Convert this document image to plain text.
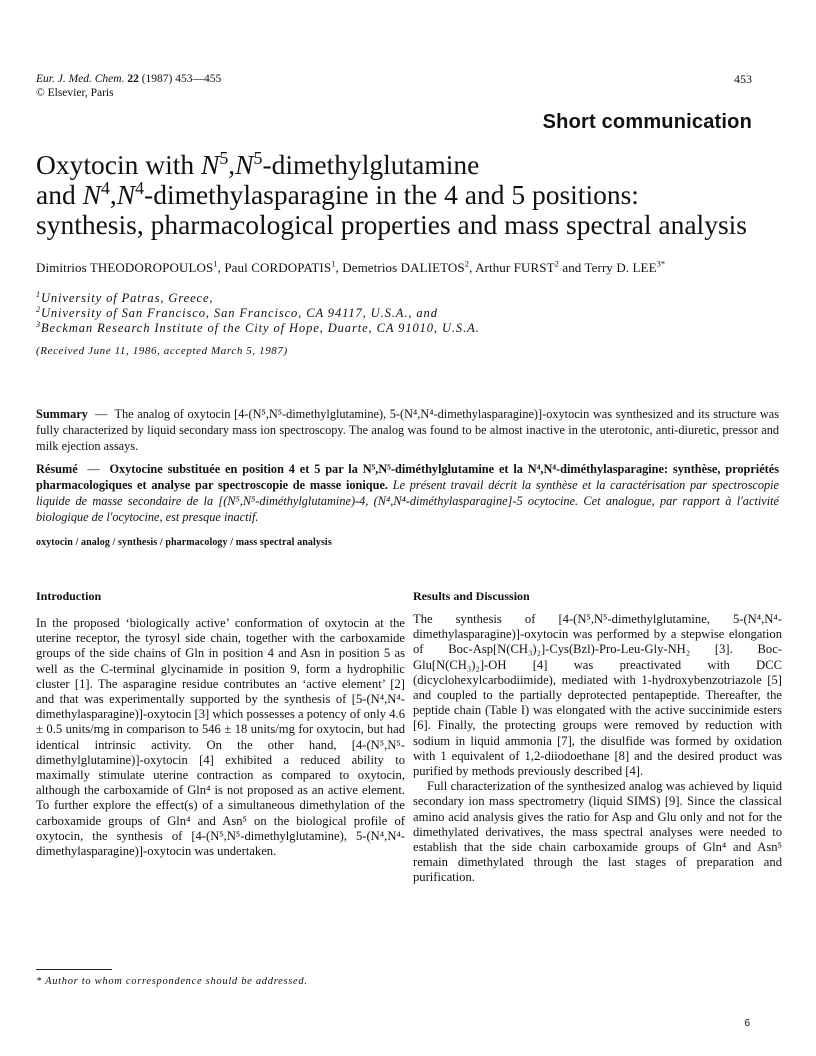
Eur. J. Med. Chem. 22 (1987) 453—455
© Elsevier, Paris
453
Short communication
Oxytocin with $N^5,N^5$-dimethylglutamine
and $N^4,N^4$-dimethylasparagine in the 4 and 5 positions:
synthesis, pharmacological properties and mass spectral analysis
Dimitrios THEODOROPOULOS$^1$, Paul CORDOPATIS$^1$, Demetrios DALIETOS$^2$, Arthur FURST$^2$ and Terry D. $LEE^{3*}$
$^1$University of Patras, Greece,
$^2$University of San Francisco, San Francisco, CA 94117, U.S.A., and
$^3$Beckman Research Institute of the City of Hope, Duarte, CA 91010, U.S.A.
(Received June 11, 1986, accepted March 5, 1987)
Summary  —  The analog of oxytocin [4-(N⁵,N⁵-dimethylglutamine), 5-(N⁴,N⁴-dimethylasparagine)]-oxytocin was synthesized and its structure was fully characterized by liquid secondary mass ion spectroscopy. The analog was found to be almost inactive in the uterotonic, anti-diuretic, pressor and milk ejection assays.
Résumé  —  Oxytocine substituée en position 4 et 5 par la N⁵,N⁵-diméthylglutamine et la N⁴,N⁴-diméthylasparagine: synthèse, propriétés pharmacologiques et analyse par spectroscopie de masse ionique. Le présent travail décrit la synthèse et la caractérisation par spectroscopie liquide de masse secondaire de la [(N⁵,N⁵-diméthylglutamine)-4, (N⁴,N⁴-diméthylasparagine]-5 ocytocine. Cet analogue, par rapport à l'activité biologique de l'ocytocine, est presque inactif.
oxytocin / analog / synthesis / pharmacology / mass spectral analysis
Introduction

In the proposed ‘biologically active’ conformation of oxytocin at the uterine receptor, the tyrosyl side chain, together with the carboxamide groups of the side chains of Gln in position 4 and Asn in position 5 as well as the C-terminal glycinamide in position 9, form a hydrophilic cluster [1]. The asparagine residue contributes an ‘active element’ [2] and that was experimentally supported by the synthesis of [5-(N⁴,N⁴-dimethylasparagine)]-oxytocin [3] which possesses a potency of only 4.6 ± 0.5 units/mg in comparison to 546 ± 18 units/mg for oxytocin, but had identical intrinsic activity. On the other hand, [4-(N⁵,N⁵-dimethylglutamine)]-oxytocin [4] exhibited a reduced ability to maximally stimulate uterine contraction as compared to oxytocin, although the carboxamide of Gln⁴ is not proposed as an active element. To further explore the effect(s) of a simultaneous dimethylation of the carboxamide groups of Gln⁴ and Asn⁵ on the biological profile of oxytocin, the synthesis of [4-(N⁵,N⁵-dimethylglutamine), 5-(N⁴,N⁴-dimethylasparagine)]-oxytocin was undertaken.

Results and Discussion

The synthesis of [4-(N⁵,N⁵-dimethylglutamine, 5-(N⁴,N⁴-dimethylasparagine)]-oxytocin was performed by a stepwise elongation of Boc-Asp[N(CH₃)₂]-Cys(Bzl)-Pro-Leu-Gly-NH₂ [3]. Boc-Glu[N(CH₃)₂]-OH [4] was preactivated with DCC (dicyclohexylcarbodiimide), mediated with 1-hydroxybenzotriazole [5] and coupled to the partially deprotected pentapeptide. Thereafter, the peptide chain (Table I) was elongated with the active succinimide esters [6]. Finally, the protecting groups were removed by reduction with sodium in liquid ammonia [7], the disulfide was formed by oxidation with 1 equivalent of 1,2-diiodoethane [8] and the desired product was purified by methods previously described [4].

Full characterization of the synthesized analog was achieved by liquid secondary ion mass spectrometry (liquid SIMS) [9]. Since the classical amino acid analysis gives the ratio for Asp and Glu only and not for the dimethylated derivatives, the mass spectral analyses were needed to establish that the side chain carboxamide groups of Gln⁴ and Asn⁵ remain dimethylated through the last stages of preparation and purification.

* Author to whom correspondence should be addressed.
6
